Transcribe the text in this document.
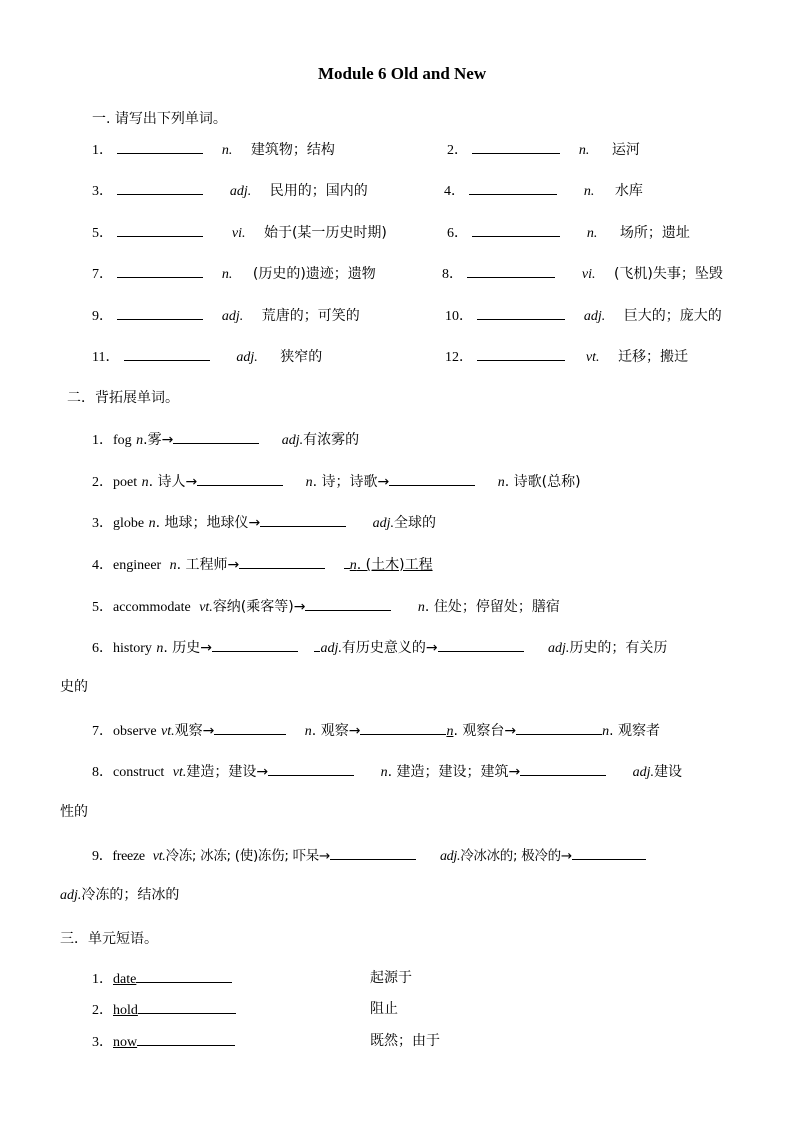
Module 6 Old and New
一. 请写出下列单词。
1．	n. 建筑物；结构	2．	n. 运河
3．	adj. 民用的；国内的	4．	n. 水库
5．	vi. 始于(某一历史时期)	6．	n. 场所；遗址
7．	n. (历史的)遗迹；遗物	8．	vi. (飞机)失事；坠毁
9．	adj. 荒唐的；可笑的	10．	adj. 巨大的；庞大的
11．	adj. 狭窄的	12．	vt. 迁移；搬迁
二．背拓展单词。
1．fog n.雾→	adj.有浓雾的
2．poet n. 诗人→	n. 诗；诗歌→	n. 诗歌(总称)
3．globe n. 地球；地球仪→	adj.全球的
4．engineer n. 工程师→	n. (土木)工程
5．accommodate vt.容纳(乘客等)→	n. 住处；停留处；膳宿
6．history n. 历史→	adj.有历史意义的→	adj.历史的；有关历
史的
7．observe vt.观察→	n. 观察→	n. 观察台→	n. 观察者
8．construct vt.建造；建设→	n. 建造；建设；建筑→	adj.建设
性的
9．freeze vt.冷冻; 冰冻; (使)冻伤; 吓呆→	adj.冷冰冰的; 极冷的→
adj.冷冻的；结冰的
三．单元短语。
1．date	起源于
2．hold	阻止
3．now	既然；由于
